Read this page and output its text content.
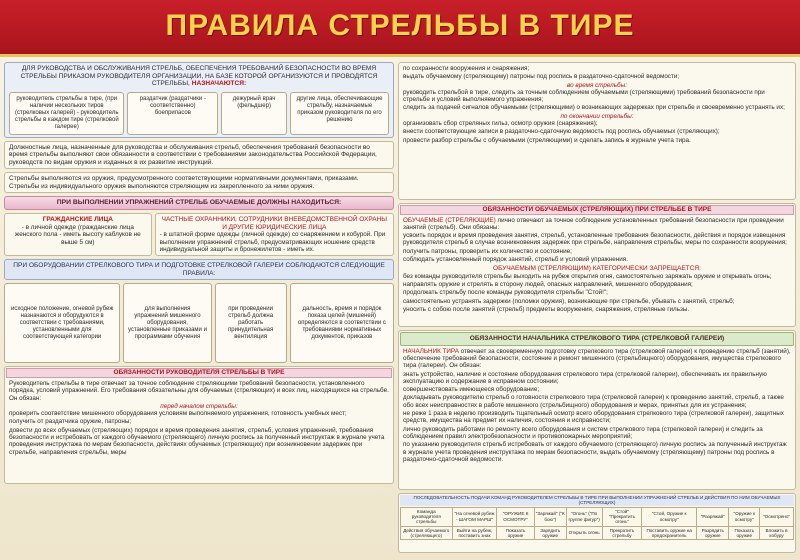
ПРАВИЛА СТРЕЛЬБЫ В ТИРЕ
ДЛЯ РУКОВОДСТВА И ОБСЛУЖИВАНИЯ СТРЕЛЬБ, ОБЕСПЕЧЕНИЯ ТРЕБОВАНИЙ БЕЗОПАСНОСТИ ВО ВРЕМЯ СТРЕЛЬБЫ ПРИКАЗОМ РУКОВОДИТЕЛЯ ОРГАНИЗАЦИИ, НА БАЗЕ КОТОРОЙ ОРГАНИЗУЮТСЯ И ПРОВОДЯТСЯ СТРЕЛЬБЫ, НАЗНАЧАЮТСЯ:
руководитель стрельбы в тире, (при наличии нескольких тиров (стрелковых галерей) - руководитель стрельбы в каждом тире (стрелковой галерее)
раздатчик (раздатчики - соответственно) боеприпасов
дежурный врач (фельдшер)
другие лица, обеспечивающие стрельбу, назначаемые приказом руководителя по его решению
Должностные лица, назначенные для руководства и обслуживания стрельб, обеспечения требований безопасности во время стрельбы выполняют свои обязанности в соответствии с требованиями законодательства Российской Федерации, руководств по видам оружия и изданных в их развитие инструкций.
Стрельбы выполняются из оружия, предусмотренного соответствующими нормативными документами, приказами. Стрельбы из индивидуального оружия выполняются стреляющим из закрепленного за ними оружия.
ПРИ ВЫПОЛНЕНИИ УПРАЖНЕНИЙ СТРЕЛЬБ ОБУЧАЕМЫЕ ДОЛЖНЫ НАХОДИТЬСЯ:
ГРАЖДАНСКИЕ ЛИЦА
- в личной одежде (гражданские лица женского пола - иметь высоту каблуков не выше 5 см)
ЧАСТНЫЕ ОХРАННИКИ, СОТРУДНИКИ ВНЕВЕДОМСТВЕННОЙ ОХРАНЫ И ДРУГИЕ ЮРИДИЧЕСКИЕ ЛИЦА
- в штатной форме одежды (личной одежде) со снаряжением и кобурой. При выполнении упражнений стрельб, предусматривающих ношение средств индивидуальной защиты и бронежилетов - иметь их.
ПРИ ОБОРУДОВАНИИ СТРЕЛКОВОГО ТИРА И ПОДГОТОВКЕ СТРЕЛКОВОЙ ГАЛЕРЕИ СОБЛЮДАЮТСЯ СЛЕДУЮЩИЕ ПРАВИЛА:
исходное положение, огневой рубеж назначаются и оборудуются в соответствии с требованиями, установленными для соответствующей категории
для выполнения упражнений мишенного оборудования, установленные приказами и программами обучения
при проведении стрельб должна работать принудительная вентиляция
дальность, время и порядок показа целей (мишеней) определяются в соответствии с требованиями нормативных документов, приказов
ОБЯЗАННОСТИ РУКОВОДИТЕЛЯ СТРЕЛЬБЫ В ТИРЕ
Руководитель стрельбы в тире отвечает за точное соблюдение стреляющими требований безопасности, установленного порядка, условий упражнений. Его требования обязательны для обучаемых (стреляющих) и всех лиц, находящихся на стрельбе. Он обязан:
перед началом стрельбы:
проверить соответствие мишенного оборудования условиям выполняемого упражнения, готовность учебных мест;
получить от раздатчика оружие, патроны;
довести до всех обучаемых (стреляющих) порядок и время проведения занятия, стрельб, условия упражнений, требования безопасности и истребовать от каждого обучаемого (стреляющего) личную роспись за полученный инструктаж в журнале учета проведения инструктажа по мерам безопасности, действиях обучаемых (стреляющих) при возникновении задержек при стрельбе, направления стрельбы, меры
по сохранности вооружения и снаряжения;
выдать обучаемому (стреляющему) патроны под роспись в раздаточно-сдаточной ведомости;
во время стрельбы:
руководить стрельбой в тире, следить за точным соблюдением обучаемыми (стреляющими) требований безопасности при стрельбе и условий выполняемого упражнения;
следить за подачей сигналов обучаемыми (стреляющими) о возникающих задержках при стрельбе и своевременно устранять их;
по окончании стрельбы:
организовать сбор стреляных гильз, осмотр оружия (снаряжения);
внести соответствующие записи в раздаточно-сдаточную ведомость под роспись обучаемых (стреляющих);
провести разбор стрельбы с обучаемыми (стреляющими) и сделать запись в журнале учета тира.
ОБЯЗАННОСТИ ОБУЧАЕМЫХ (СТРЕЛЯЮЩИХ) ПРИ СТРЕЛЬБЕ В ТИРЕ
ОБУЧАЕМЫЕ (СТРЕЛЯЮЩИЕ) лично отвечают за точное соблюдение установленных требований безопасности при проведении занятий (стрельб). Они обязаны:
усвоить порядок и время проведения занятия, стрельб, установленные требования безопасности, действия и порядок извещения руководителя стрельб в случае возникновения задержек при стрельбе, направления стрельбы, меры по сохранности вооружения;
получить патроны, проверить их количество и состояние;
соблюдать установленный порядок занятий, стрельб и условий упражнения.
ОБУЧАЕМЫМ (СТРЕЛЯЮЩИМ) КАТЕГОРИЧЕСКИ ЗАПРЕЩАЕТСЯ:
без команды руководителя стрельбы выходить на рубеж открытия огня, самостоятельно заряжать оружие и открывать огонь;
направлять оружие и стрелять в сторону людей, опасных направлений, мишенного оборудования;
продолжать стрельбу после команды руководителя стрельбы "Стой!";
самостоятельно устранять задержки (поломки оружия), возникающие при стрельбе, убывать с занятий, стрельб;
уносить с собою после занятий (стрельб) предметы вооружения, снаряжения, стреляные гильзы.
ОБЯЗАННОСТИ НАЧАЛЬНИКА СТРЕЛКОВОГО ТИРА (СТРЕЛКОВОЙ ГАЛЕРЕИ)
НАЧАЛЬНИК ТИРА отвечает за своевременную подготовку стрелкового тира (стрелковой галереи) к проведению стрельб (занятий), обеспечение требований безопасности, состояние и ремонт мишенного (стрельбищного) оборудования, имущества стрелкового тира (галереи). Он обязан:
знать устройство, наличие и состояние оборудования стрелкового тира (стрелковой галереи), обеспечивать их правильную эксплуатацию и содержание в исправном состоянии;
совершенствовать имеющееся оборудование;
докладывать руководителю стрельб о готовности стрелкового тира (стрелковой галереи) к проведению занятий, стрельб, а также обо всех неисправностях в работе мишенного (стрельбищного) оборудования и мерах, принятых для их устранения;
не реже 1 раза в неделю производить тщательный осмотр всего оборудования стрелкового тира (стрелковой галереи), защитных средств, имущества на предмет их наличия, состояния и исправности;
лично руководить работами по ремонту всего оборудования и систем стрелкового тира (стрелковой галереи) и следить за соблюдением правил электробезопасности и противопожарных мероприятий;
по указанию руководителя стрельб истребовать от каждого обучаемого (стреляющего) личную роспись за полученный инструктаж в журнале учета проведения инструктажа по мерам безопасности, выдать обучаемому (стреляющему) патроны под роспись в раздаточно-сдаточной ведомости.
ПОСЛЕДОВАТЕЛЬНОСТЬ ПОДАЧИ КОМАНД РУКОВОДИТЕЛЕМ СТРЕЛЬБЫ В ТИРЕ ПРИ ВЫПОЛНЕНИИ УПРАЖНЕНИЙ СТРЕЛЬБ И ДЕЙСТВИЯ ПО НИМ ОБУЧАЕМЫХ (СТРЕЛЯЮЩИХ)
Команда руководителя стрельбы	"На огневой рубеж - ШАГОМ МАРШ"	"ОРУЖИЕ К ОСМОТРУ"	"Заряжай" ("К бою")	"Огонь" ("По группе фигур")	"Стой" "Прекратить огонь"	"Стой, Оружие к осмотру"	"Разряжай"	"Оружие к осмотру"	"Осмотрено"
Действия обучаемого (стреляющего)	Выйти на рубеж, поставить знак	Показать оружие	Зарядить оружие	Открыть огонь	Прекратить стрельбу	Поставить оружие на предохранитель	Разрядить оружие	Показать оружие	Вложить в кобуру
